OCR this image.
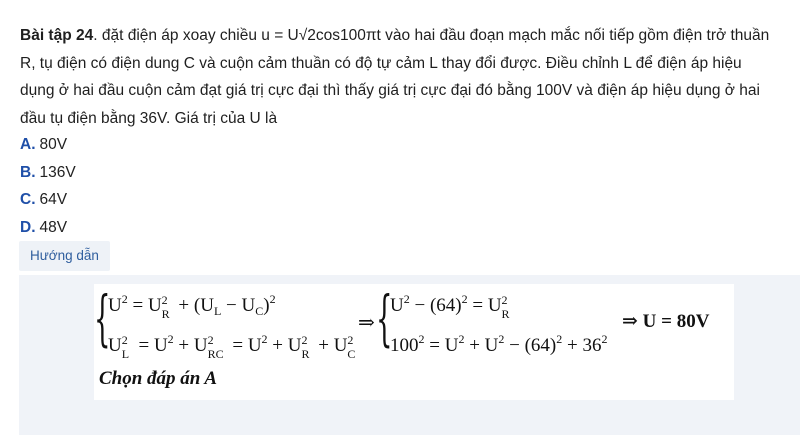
Bài tập 24. đặt điện áp xoay chiều u = U√2cos100πt vào hai đầu đoạn mạch mắc nối tiếp gồm điện trở thuần R, tụ điện có điện dung C và cuộn cảm thuần có độ tự cảm L thay đổi được. Điều chỉnh L để điện áp hiệu dụng ở hai đầu cuộn cảm đạt giá trị cực đại thì thấy giá trị cực đại đó bằng 100V và điện áp hiệu dụng ở hai đầu tụ điện bằng 36V. Giá trị của U là
A. 80V
B. 136V
C. 64V
D. 48V
Hướng dẫn
{
$U^2 = U$ 2
$R + (U_L - U_C)^2$
U 2
$L = U^2 + U$ 2
RC = $U^2 + U$ 2
R + U 2
C
⇒ {
$U^2 - (64)^2 = U$ 2
R
$100^2 = U^2 + U^2 - (64)^2 + 36^2$
⇒ U = 80V
Chọn đáp án A
